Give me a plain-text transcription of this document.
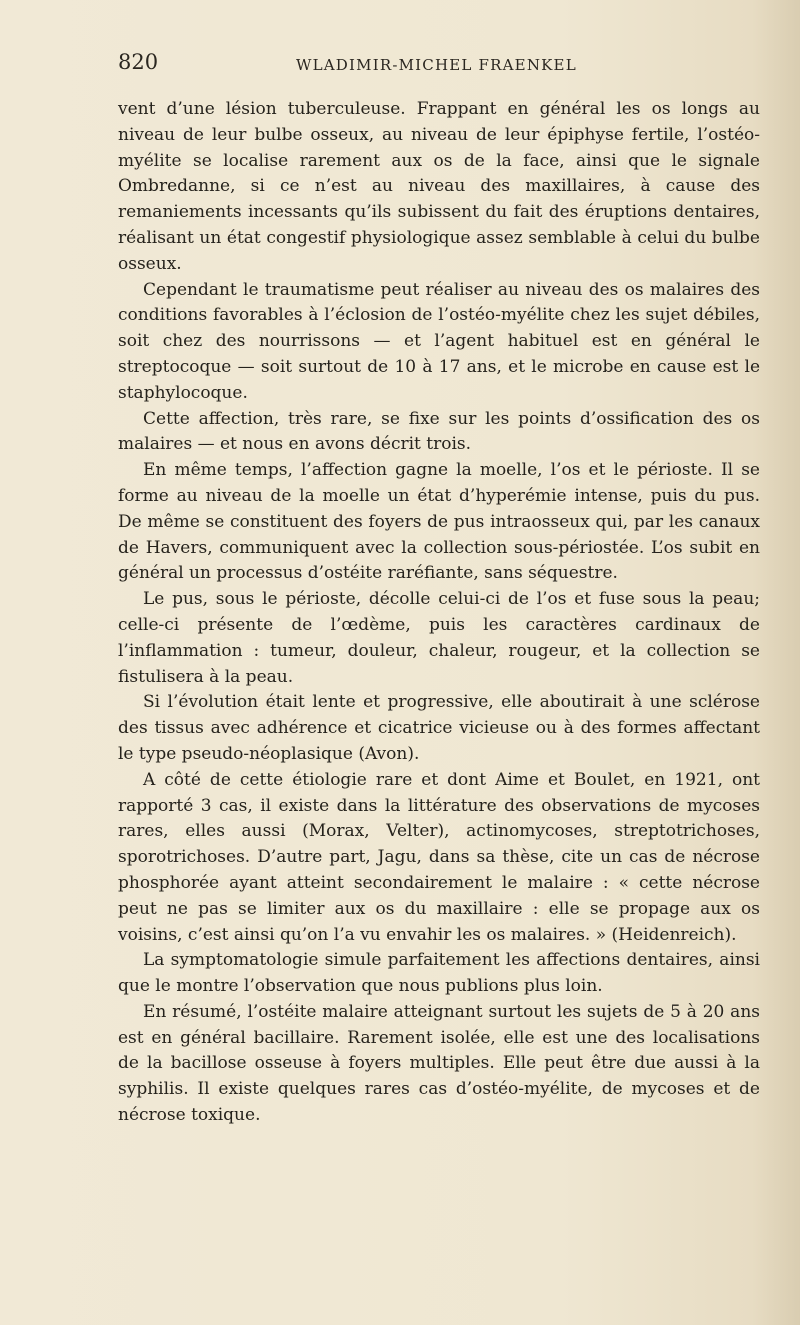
820	WLADIMIR-MICHEL FRAENKEL

vent d’une lésion tuberculeuse. Frappant en général les os longs au niveau de leur bulbe osseux, au niveau de leur épiphyse fertile, l’ostéo-myélite se localise rarement aux os de la face, ainsi que le signale Ombredanne, si ce n’est au niveau des maxillaires, à cause des remaniements incessants qu’ils subissent du fait des éruptions dentaires, réalisant un état congestif physiologique assez semblable à celui du bulbe osseux.

Cependant le traumatisme peut réaliser au niveau des os malaires des conditions favorables à l’éclosion de l’ostéo-myélite chez les sujet débiles, soit chez des nourrissons — et l’agent habituel est en général le streptocoque — soit surtout de 10 à 17 ans, et le microbe en cause est le staphylocoque.

Cette affection, très rare, se fixe sur les points d’ossification des os malaires — et nous en avons décrit trois.

En même temps, l’affection gagne la moelle, l’os et le périoste. Il se forme au niveau de la moelle un état d’hyperémie intense, puis du pus. De même se constituent des foyers de pus intraosseux qui, par les canaux de Havers, communiquent avec la collection sous-périostée. L’os subit en général un processus d’ostéite raréfiante, sans séquestre.

Le pus, sous le périoste, décolle celui-ci de l’os et fuse sous la peau; celle-ci présente de l’œdème, puis les caractères cardinaux de l’inflammation : tumeur, douleur, chaleur, rougeur, et la collection se fistulisera à la peau.

Si l’évolution était lente et progressive, elle aboutirait à une sclérose des tissus avec adhérence et cicatrice vicieuse ou à des formes affectant le type pseudo-néoplasique (Avon).

A côté de cette étiologie rare et dont Aime et Boulet, en 1921, ont rapporté 3 cas, il existe dans la littérature des observations de mycoses rares, elles aussi (Morax, Velter), actinomycoses, streptotrichoses, sporotrichoses. D’autre part, Jagu, dans sa thèse, cite un cas de nécrose phosphorée ayant atteint secondairement le malaire : « cette nécrose peut ne pas se limiter aux os du maxillaire : elle se propage aux os voisins, c’est ainsi qu’on l’a vu envahir les os malaires. » (Heidenreich).

La symptomatologie simule parfaitement les affections dentaires, ainsi que le montre l’observation que nous publions plus loin.

En résumé, l’ostéite malaire atteignant surtout les sujets de 5 à 20 ans est en général bacillaire. Rarement isolée, elle est une des localisations de la bacillose osseuse à foyers multiples. Elle peut être due aussi à la syphilis. Il existe quelques rares cas d’ostéo-myélite, de mycoses et de nécrose toxique.
